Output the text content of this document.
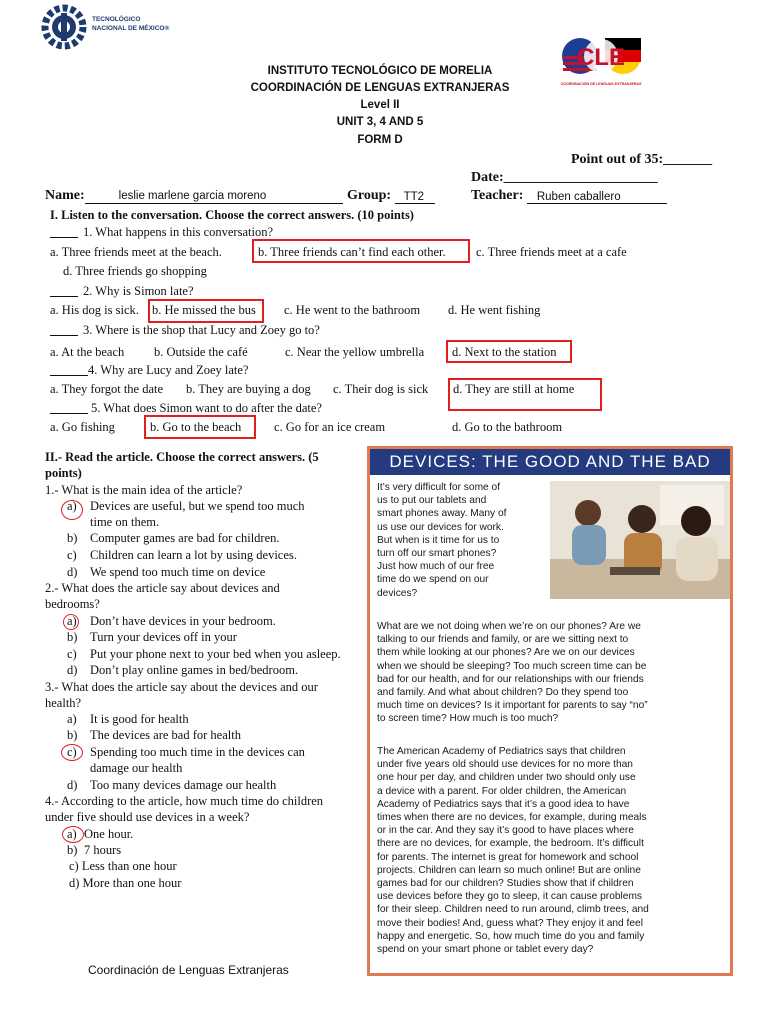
TECNOLÓGICO
NACIONAL DE MÉXICO®
INSTITUTO TECNOLÓGICO DE MORELIA
COORDINACIÓN DE LENGUAS EXTRANJERAS
Level II
UNIT 3, 4 AND 5
FORM D
CLE
COORDINACIÓN DE LENGUAS EXTRANJERAS
Point out of 35:_______
Date:______________________
Name:	leslie marlene garcia moreno	Group: TT2	Teacher: Ruben caballero
I. Listen to the conversation. Choose the correct answers. (10 points)
1. What happens in this conversation?
a. Three friends meet at the beach.	b. Three friends can’t find each other. c. Three friends meet at a cafe
d. Three friends go shopping
2. Why is Simon late?
a. His dog is sick. b. He missed the bus	c. He went to the bathroom d. He went fishing
3. Where is the shop that Lucy and Zoey go to?
a. At the beach b. Outside the café	c. Near the yellow umbrella d. Next to the station
4. Why are Lucy and Zoey late?
a. They forgot the date b. They are buying a dog c. Their dog is sick d. They are still at home
5. What does Simon want to do after the date?
a. Go fishing	b. Go to the beach	c. Go for an ice cream	d. Go to the bathroom
II.- Read the article. Choose the correct answers. (5
points)
1.- What is the main idea of the article?
a) Devices are useful, but we spend too much
time on them.
b) Computer games are bad for children.
c) Children can learn a lot by using devices.
d) We spend too much time on device
2.- What does the article say about devices and
bedrooms?
a) Don’t have devices in your bedroom.
b) Turn your devices off in your
c) Put your phone next to your bed when you asleep.
d) Don’t play online games in bed/bedroom.
3.- What does the article say about the devices and our
health?
a) It is good for health
b) The devices are bad for health
c) Spending too much time in the devices can
damage our health
d) Too many devices damage our health
4.- According to the article, how much time do children
under five should use devices in a week?
a) One hour.
b) 7 hours
c) Less than one hour
d) More than one hour
DEVICES: THE GOOD AND THE BAD
It’s very difficult for some of
us to put our tablets and
smart phones away. Many of
us use our devices for work.
But when is it time for us to
turn off our smart phones?
Just how much of our free
time do we spend on our
devices?
What are we not doing when we’re on our phones? Are we
talking to our friends and family, or are we sitting next to
them while looking at our phones? Are we on our devices
when we should be sleeping? Too much screen time can be
bad for our health, and for our relationships with our friends
and family. And what about children? Do they spend too
much time on devices? Is it important for parents to say “no”
to screen time? How much is too much?
The American Academy of Pediatrics says that children
under five years old should use devices for no more than
one hour per day, and children under two should only use
a device with a parent. For older children, the American
Academy of Pediatrics says that it’s a good idea to have
times when there are no devices, for example, during meals
or in the car. And they say it’s good to have places where
there are no devices, for example, the bedroom. It’s difficult
for parents. The internet is great for homework and school
projects. Children can learn so much online! But are online
games bad for our children? Studies show that if children
use devices before they go to sleep, it can cause problems
for their sleep. Children need to run around, climb trees, and
move their bodies! And, guess what? They enjoy it and feel
happy and energetic. So, how much time do you and family
spend on your smart phone or tablet every day?
Coordinación de Lenguas Extranjeras
